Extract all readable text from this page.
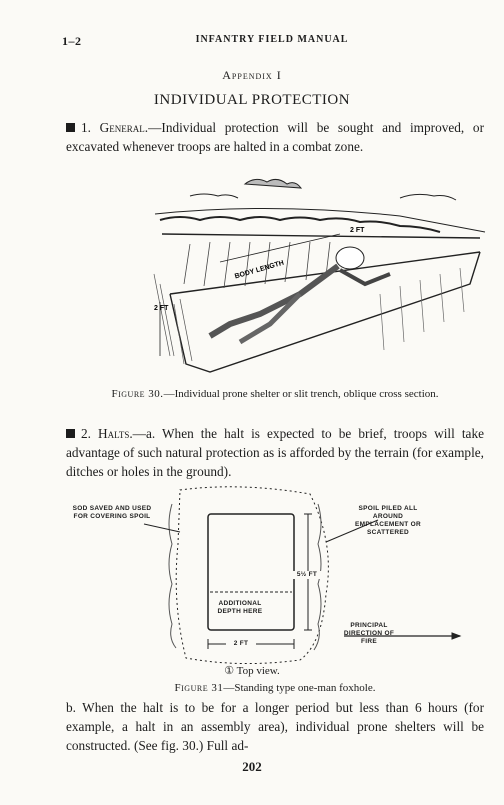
1–2	INFANTRY FIELD MANUAL
Appendix I
INDIVIDUAL PROTECTION
1. General.—Individual protection will be sought and improved, or excavated whenever troops are halted in a combat zone.
BODY LENGTH
2 FT
2 FT
Figure 30.—Individual prone shelter or slit trench, oblique cross section.
2. Halts.—a. When the halt is expected to be brief, troops will take advantage of such natural protection as is afforded by the terrain (for example, ditches or holes in the ground).
SOD SAVED AND USED FOR COVERING SPOIL
SPOIL PILED ALL AROUND EMPLACEMENT OR SCATTERED
5½ FT
ADDITIONAL DEPTH HERE
2 FT
PRINCIPAL DIRECTION OF FIRE
① Top view.
Figure 31—Standing type one-man foxhole.
b. When the halt is to be for a longer period but less than 6 hours (for example, a halt in an assembly area), individual prone shelters will be constructed. (See fig. 30.) Full ad-
202
